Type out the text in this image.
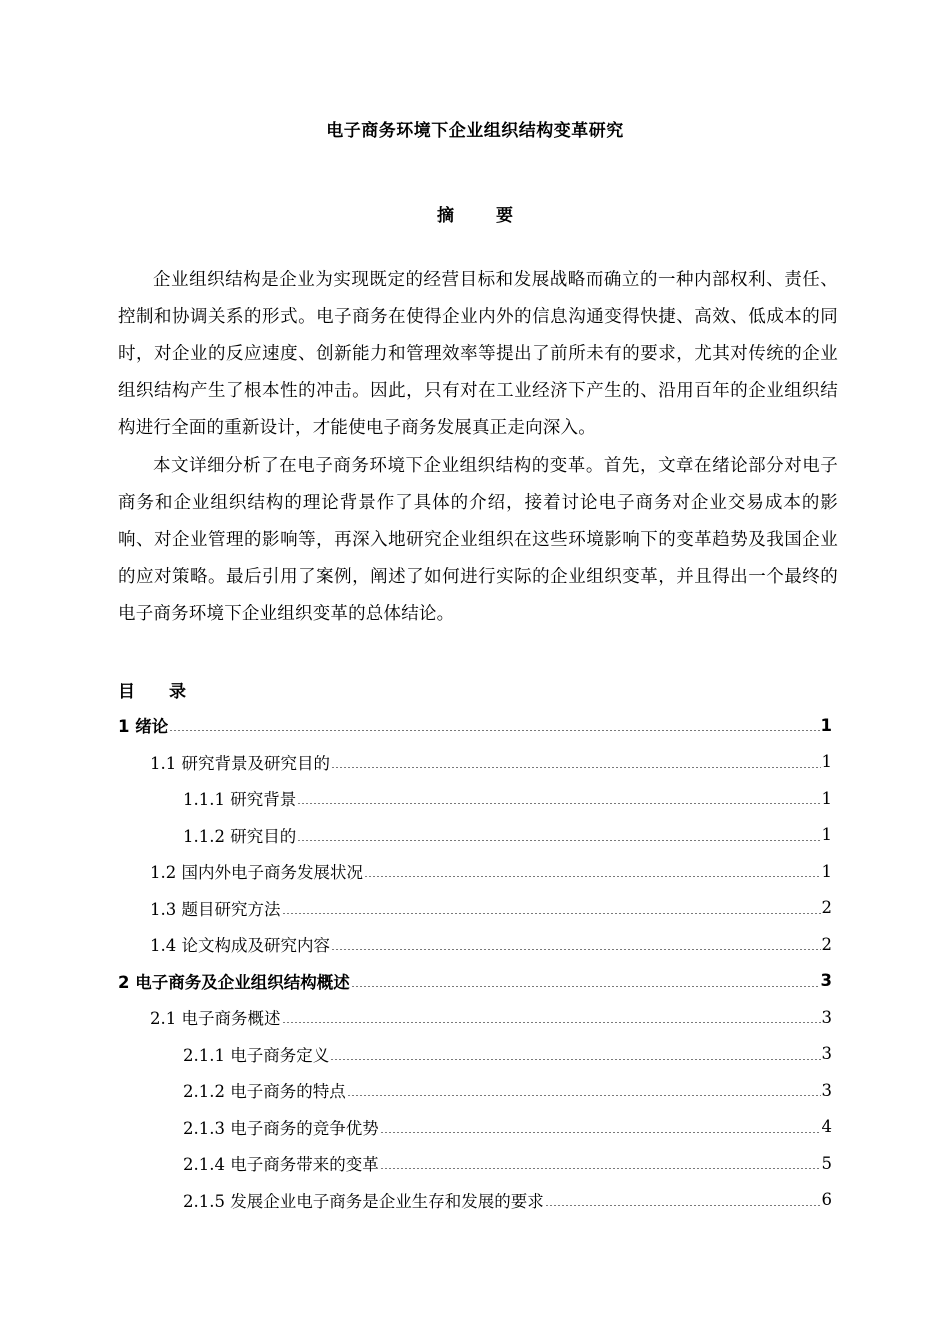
电子商务环境下企业组织结构变革研究
摘 要
企业组织结构是企业为实现既定的经营目标和发展战略而确立的一种内部权利、责任、控制和协调关系的形式。电子商务在使得企业内外的信息沟通变得快捷、高效、低成本的同时，对企业的反应速度、创新能力和管理效率等提出了前所未有的要求，尤其对传统的企业组织结构产生了根本性的冲击。因此，只有对在工业经济下产生的、沿用百年的企业组织结构进行全面的重新设计，才能使电子商务发展真正走向深入。
本文详细分析了在电子商务环境下企业组织结构的变革。首先，文章在绪论部分对电子商务和企业组织结构的理论背景作了具体的介绍，接着讨论电子商务对企业交易成本的影响、对企业管理的影响等，再深入地研究企业组织在这些环境影响下的变革趋势及我国企业的应对策略。最后引用了案例，阐述了如何进行实际的企业组织变革，并且得出一个最终的电子商务环境下企业组织变革的总体结论。
目 录
1 绪论	1
1.1 研究背景及研究目的	1
1.1.1 研究背景	1
1.1.2 研究目的	1
1.2 国内外电子商务发展状况	1
1.3 题目研究方法	2
1.4 论文构成及研究内容	2
2 电子商务及企业组织结构概述	3
2.1 电子商务概述	3
2.1.1 电子商务定义	3
2.1.2 电子商务的特点	3
2.1.3 电子商务的竞争优势	4
2.1.4 电子商务带来的变革	5
2.1.5 发展企业电子商务是企业生存和发展的要求	6
